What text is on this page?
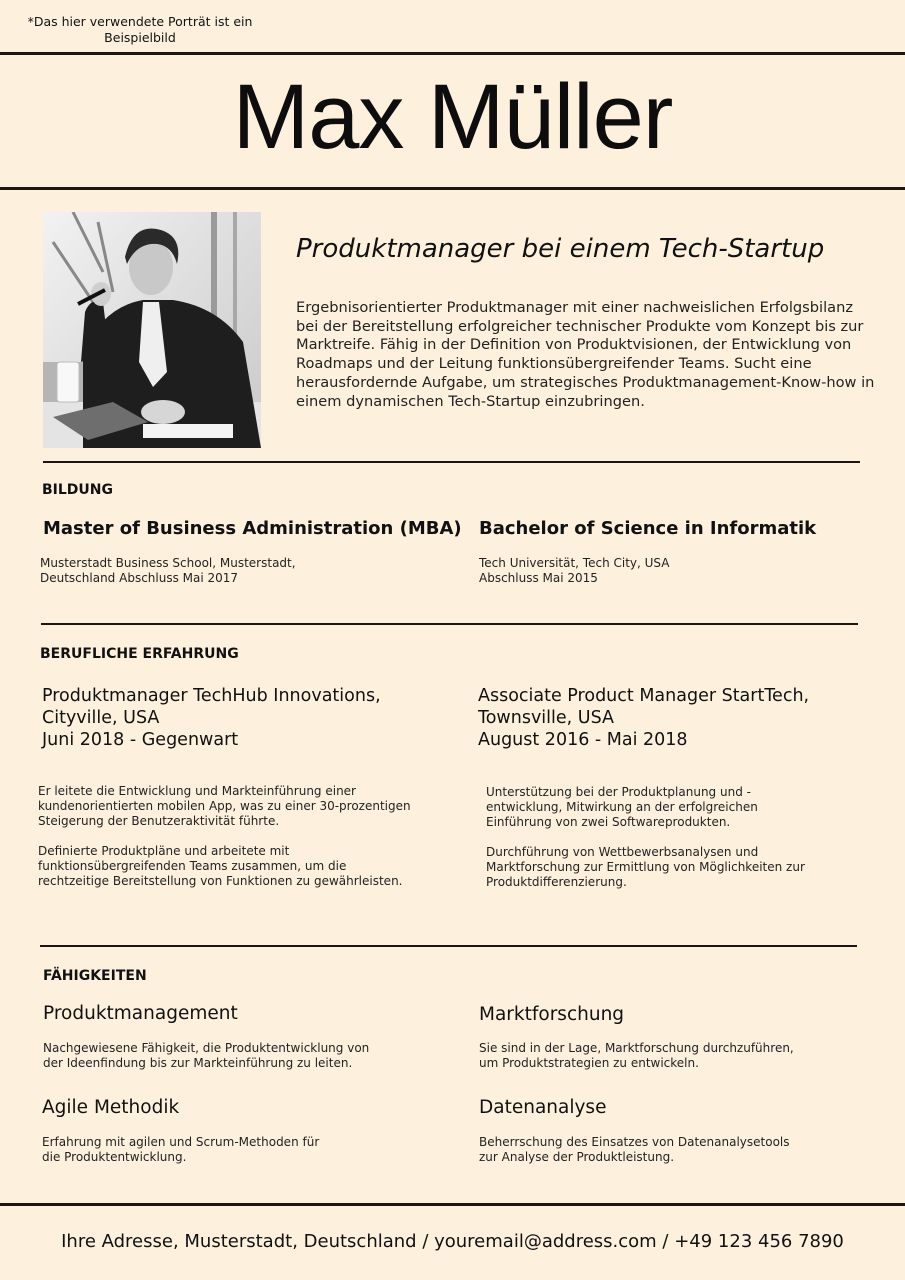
*Das hier verwendete Porträt ist ein
Beispielbild
Max Müller
Produktmanager bei einem Tech-Startup
Ergebnisorientierter Produktmanager mit einer nachweislichen Erfolgsbilanz bei der Bereitstellung erfolgreicher technischer Produkte vom Konzept bis zur Marktreife. Fähig in der Definition von Produktvisionen, der Entwicklung von Roadmaps und der Leitung funktionsübergreifender Teams. Sucht eine herausfordernde Aufgabe, um strategisches Produktmanagement-Know-how in einem dynamischen Tech-Startup einzubringen.
BILDUNG
Master of Business Administration (MBA)
Musterstadt Business School, Musterstadt,
Deutschland Abschluss Mai 2017
Bachelor of Science in Informatik
Tech Universität, Tech City, USA
Abschluss Mai 2015
BERUFLICHE ERFAHRUNG
Produktmanager TechHub Innovations,
Cityville, USA
Juni 2018 - Gegenwart
Er leitete die Entwicklung und Markteinführung einer kundenorientierten mobilen App, was zu einer 30-prozentigen Steigerung der Benutzeraktivität führte.
Definierte Produktpläne und arbeitete mit funktionsübergreifenden Teams zusammen, um die rechtzeitige Bereitstellung von Funktionen zu gewährleisten.
Associate Product Manager StartTech,
Townsville, USA
August 2016 - Mai 2018
Unterstützung bei der Produktplanung und -entwicklung, Mitwirkung an der erfolgreichen Einführung von zwei Softwareprodukten.
Durchführung von Wettbewerbsanalysen und Marktforschung zur Ermittlung von Möglichkeiten zur Produktdifferenzierung.
FÄHIGKEITEN
Produktmanagement
Nachgewiesene Fähigkeit, die Produktentwicklung von
der Ideenfindung bis zur Markteinführung zu leiten.
Marktforschung
Sie sind in der Lage, Marktforschung durchzuführen,
um Produktstrategien zu entwickeln.
Agile Methodik
Erfahrung mit agilen und Scrum-Methoden für
die Produktentwicklung.
Datenanalyse
Beherrschung des Einsatzes von Datenanalysetools
zur Analyse der Produktleistung.
Ihre Adresse, Musterstadt, Deutschland / youremail@address.com / +49 123 456 7890
